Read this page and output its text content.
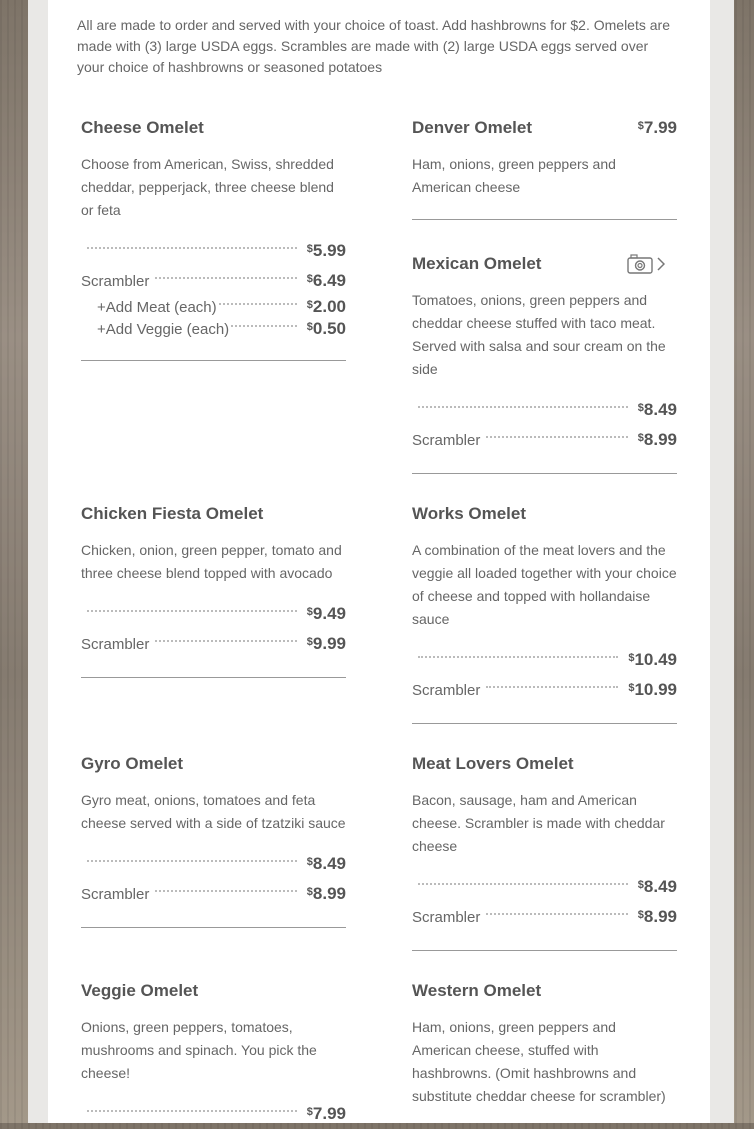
All are made to order and served with your choice of toast. Add hashbrowns for $2. Omelets are made with (3) large USDA eggs. Scrambles are made with (2) large USDA eggs served over your choice of hashbrowns or seasoned potatoes
Cheese Omelet
Choose from American, Swiss, shredded cheddar, pepperjack, three cheese blend or feta
$5.99
Scrambler	$6.49
+Add Meat (each)	$2.00
+Add Veggie (each)	$0.50
Denver Omelet	$7.99
Ham, onions, green peppers and American cheese
Mexican Omelet
Tomatoes, onions, green peppers and cheddar cheese stuffed with taco meat. Served with salsa and sour cream on the side
$8.49
Scrambler	$8.99
Chicken Fiesta Omelet
Chicken, onion, green pepper, tomato and three cheese blend topped with avocado
$9.49
Scrambler	$9.99
Works Omelet
A combination of the meat lovers and the veggie all loaded together with your choice of cheese and topped with hollandaise sauce
$10.49
Scrambler	$10.99
Gyro Omelet
Gyro meat, onions, tomatoes and feta cheese served with a side of tzatziki sauce
$8.49
Scrambler	$8.99
Meat Lovers Omelet
Bacon, sausage, ham and American cheese. Scrambler is made with cheddar cheese
$8.49
Scrambler	$8.99
Veggie Omelet
Onions, green peppers, tomatoes, mushrooms and spinach. You pick the cheese!
$7.99
Western Omelet
Ham, onions, green peppers and American cheese, stuffed with hashbrowns. (Omit hashbrowns and substitute cheddar cheese for scrambler)
